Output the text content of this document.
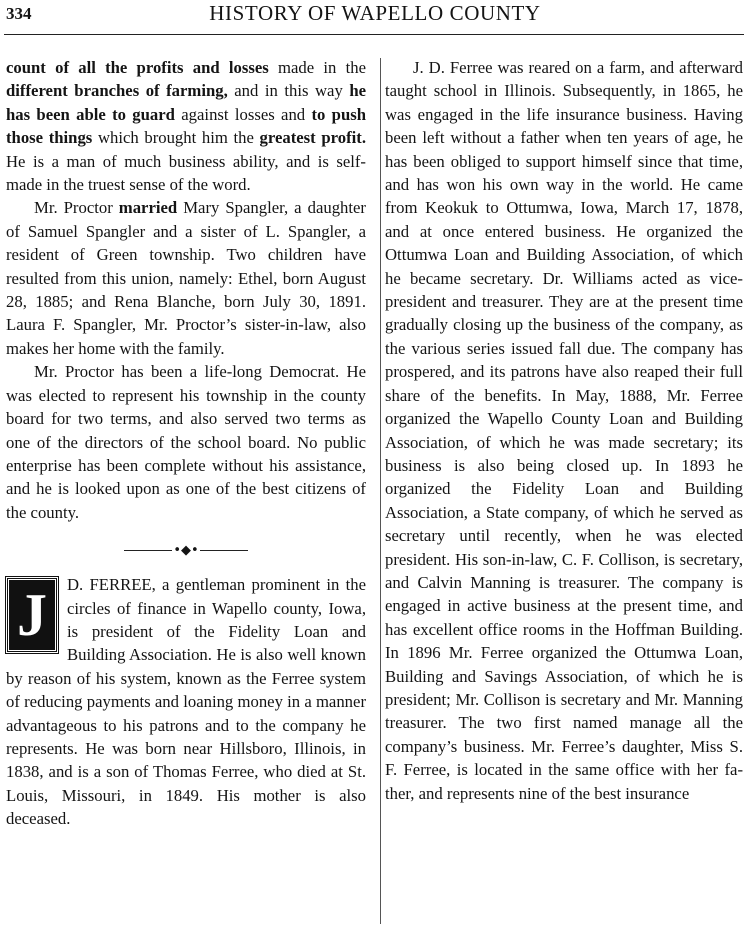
334	HISTORY OF WAPELLO COUNTY

count of all the profits and losses made in the different branches of farming, and in this way he has been able to guard against losses and to push those things which brought him the greatest profit. He is a man of much business ability, and is self-made in the truest sense of the word.

Mr. Proctor married Mary Spangler, a daughter of Samuel Spangler and a sister of L. Spangler, a resident of Green township. Two children have resulted from this union, namely: Ethel, born August 28, 1885; and Rena Blanche, born July 30, 1891. Laura F. Spangler, Mr. Proctor’s sister-in-law, also makes her home with the family.

Mr. Proctor has been a life-long Democrat. He was elected to represent his township in the county board for two terms, and also served two terms as one of the directors of the school board. No public enterprise has been complete without his assistance, and he is looked upon as one of the best citizens of the county.

•◆•

J	D. FERREE, a gentleman prominent in the circles of finance in Wapello county, Iowa, is president of the Fidelity Loan and Building Association. He is also well known by reason of his system, known as the Ferree system of reducing payments and loaning money in a manner advantageous to his patrons and to the company he represents. He was born near Hillsboro, Illinois, in 1838, and is a son of Thomas Ferree, who died at St. Louis, Missouri, in 1849. His mother is also deceased.

J. D. Ferree was reared on a farm, and afterward taught school in Illinois. Subsequently, in 1865, he was engaged in the life insurance business. Having been left without a father when ten years of age, he has been obliged to support himself since that time, and has won his own way in the world. He came from Keokuk to Ottumwa, Iowa, March 17, 1878, and at once entered business. He organized the Ottumwa Loan and Building Association, of which he became secretary. Dr. Williams acted as vice-president and treasurer. They are at the present time gradually closing up the business of the company, as the various series issued fall due. The company has prospered, and its patrons have also reaped their full share of the benefits. In May, 1888, Mr. Ferree organized the Wapello County Loan and Building Association, of which he was made secretary; its business is also being closed up. In 1893 he organized the Fidelity Loan and Building Association, a State company, of which he served as secretary until recently, when he was elected president. His son-in-law, C. F. Collison, is secretary, and Calvin Manning is treasurer. The company is engaged in active business at the present time, and has excellent office rooms in the Hoffman Building. In 1896 Mr. Ferree organized the Ottumwa Loan, Building and Savings Association, of which he is president; Mr. Collison is secretary and Mr. Manning treasurer. The two first named manage all the company’s business. Mr. Ferree’s daughter, Miss S. F. Ferree, is located in the same office with her father, and represents nine of the best insurance
